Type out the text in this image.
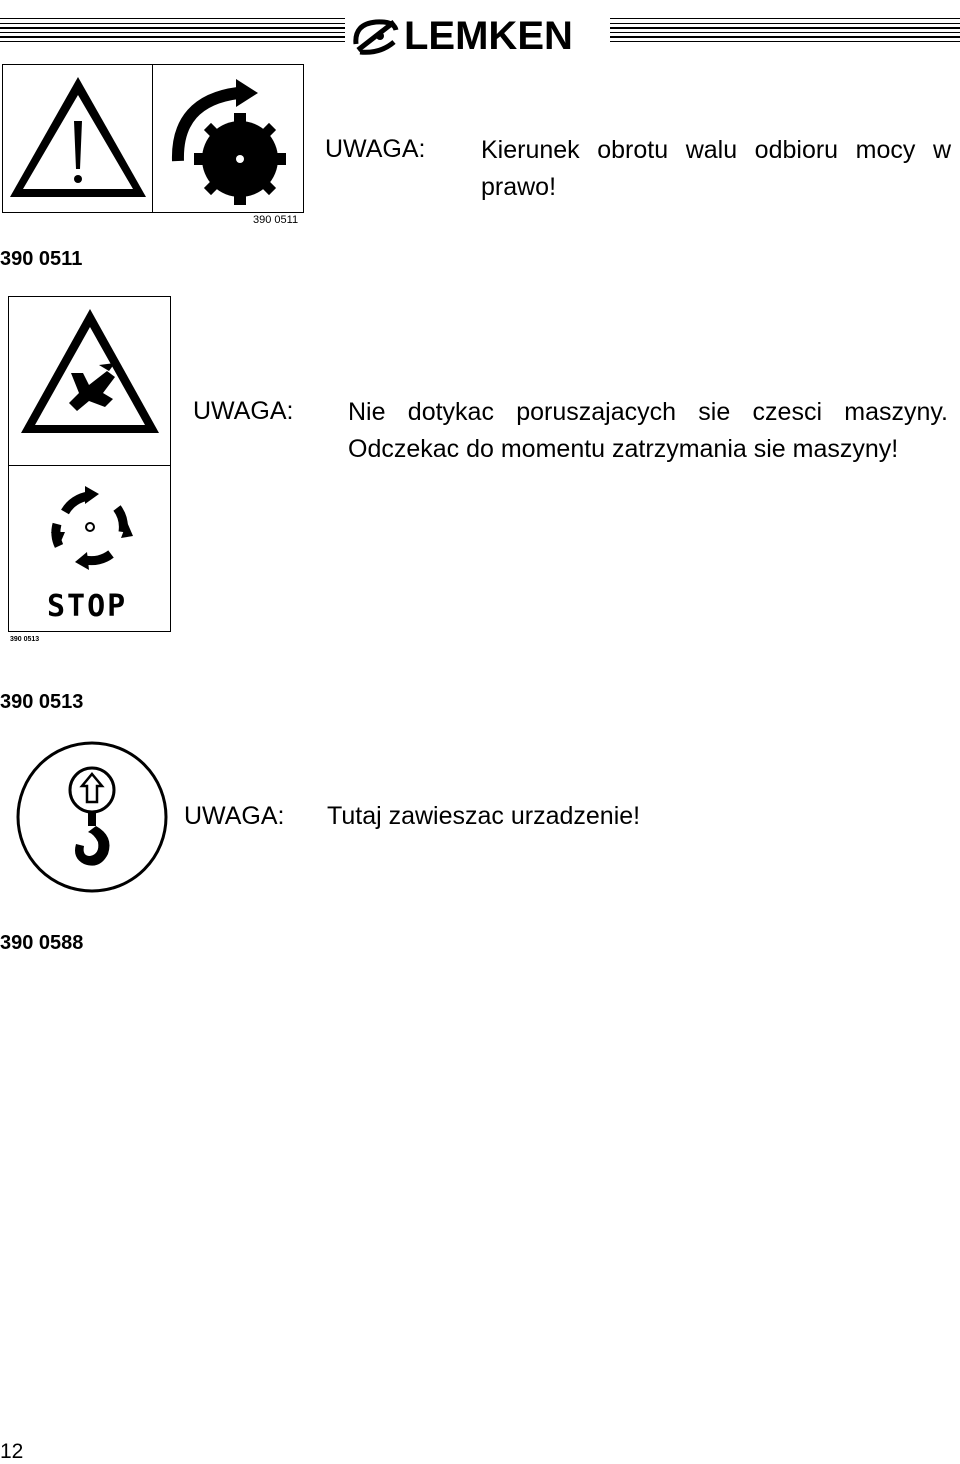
LEMKEN
390 0511
UWAGA: Kierunek obrotu walu odbioru mocy w
prawo!
390 0511
STOP
390 0513
UWAGA: Nie dotykac poruszajacych sie czesci maszyny.
Odczekac do momentu zatrzymania sie maszyny!
390 0513
UWAGA: Tutaj zawieszac urzadzenie!
390 0588
12
